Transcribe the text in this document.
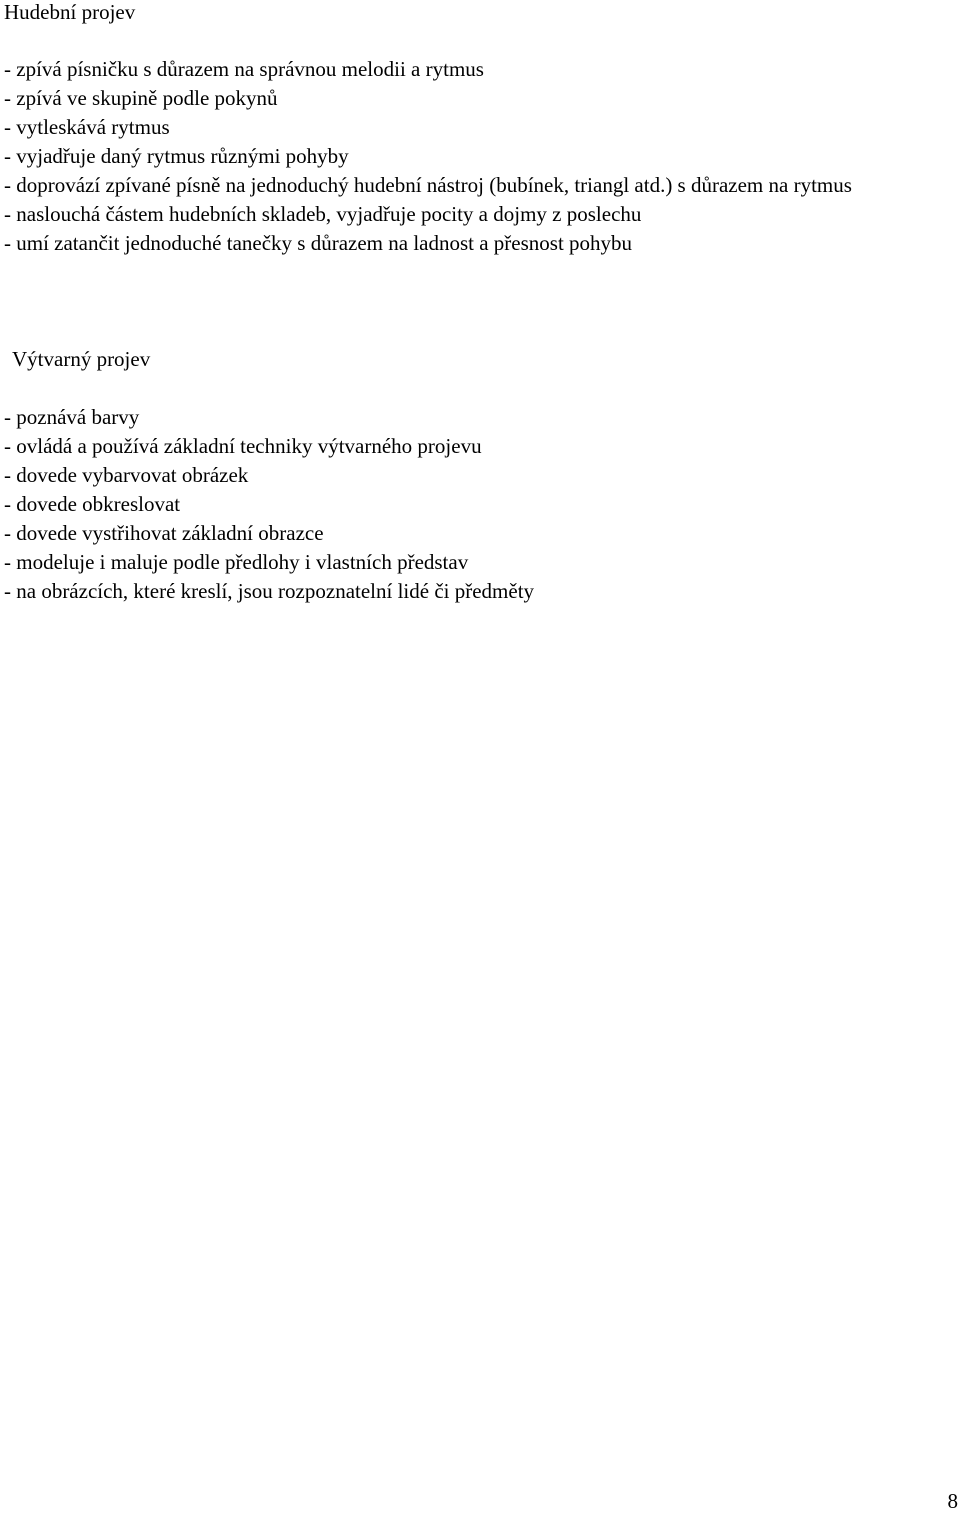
Hudební projev
- zpívá písničku s důrazem na správnou melodii a rytmus
- zpívá ve skupině podle pokynů
- vytleskává rytmus
- vyjadřuje daný rytmus různými pohyby
- doprovází zpívané písně na jednoduchý hudební nástroj (bubínek, triangl atd.) s důrazem na rytmus
- naslouchá částem hudebních skladeb, vyjadřuje pocity a dojmy z poslechu
- umí zatančit jednoduché tanečky s důrazem na ladnost a přesnost pohybu
Výtvarný projev
- poznává barvy
- ovládá a používá základní techniky výtvarného projevu
- dovede vybarvovat obrázek
- dovede obkreslovat
- dovede vystřihovat základní obrazce
- modeluje i maluje podle předlohy i vlastních představ
- na obrázcích, které kreslí, jsou rozpoznatelní lidé či předměty
8
